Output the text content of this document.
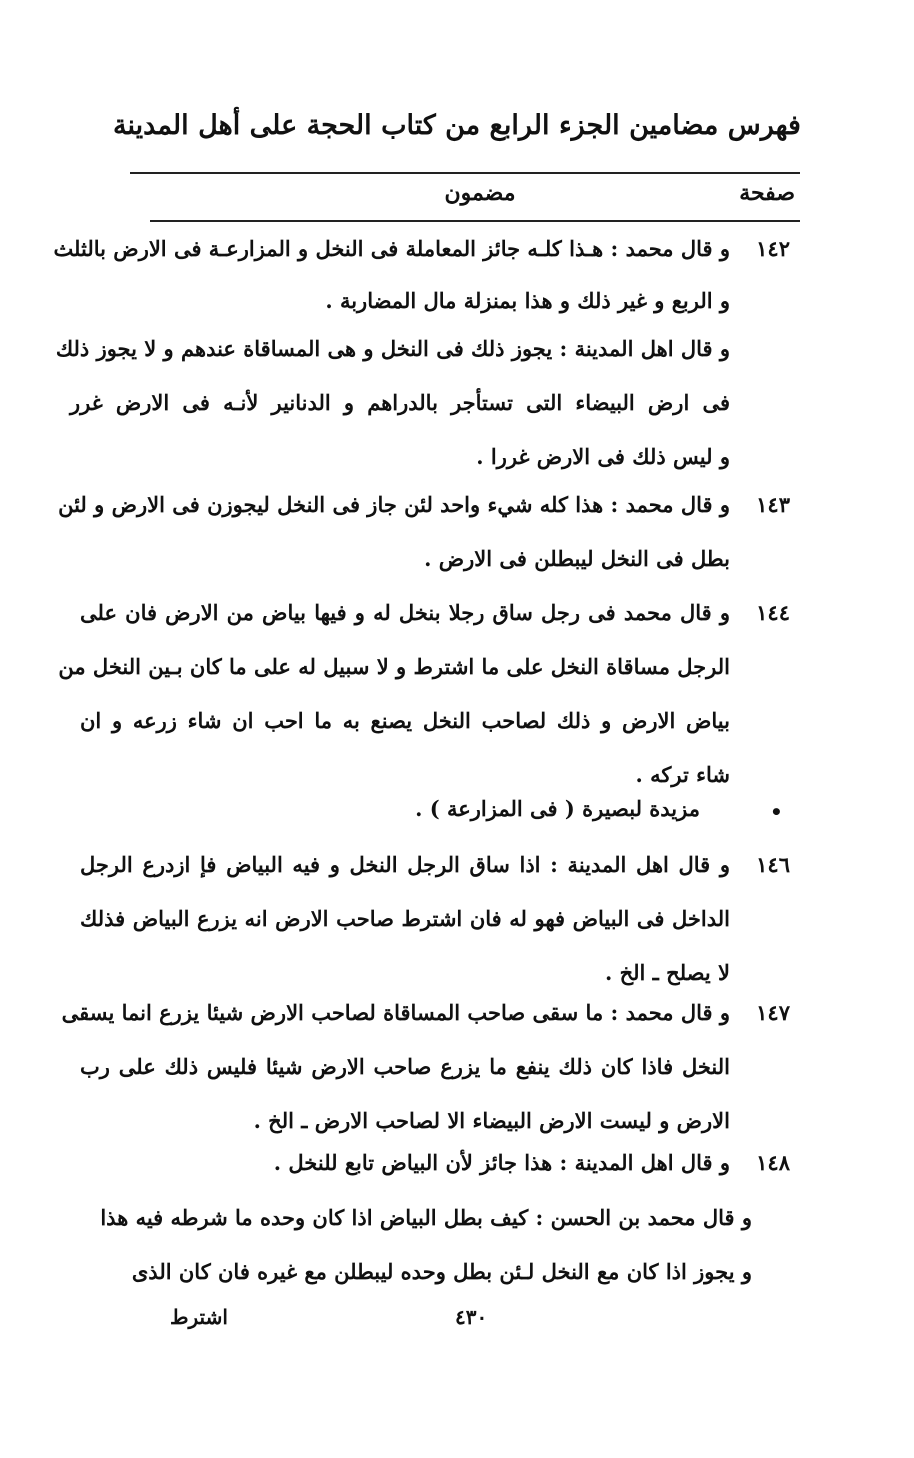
فهرس مضامين الجزء الرابع من كتاب الحجة على أهل المدينة
صفحة
مضمون
١٤٢
و قال محمد : هـذا كلـه جائز المعاملة فى النخل و المزارعـة فى الارض بالثلث
و الربع و غير ذلك و هذا بمنزلة مال المضاربة .
و قال اهل المدينة : يجوز ذلك فى النخل و هى المساقاة عندهم و لا يجوز ذلك
فى ارض البيضاء التى تستأجر بالدراهم و الدنانير لأنـه فى الارض غرر
و ليس ذلك فى الارض غررا .
١٤٣
و قال محمد : هذا كله شيء واحد لئن جاز فى النخل ليجوزن فى الارض و لئن
بطل فى النخل ليبطلن فى الارض .
١٤٤
و قال محمد فى رجل ساق رجلا بنخل له و فيها بياض من الارض فان على
الرجل مساقاة النخل على ما اشترط و لا سبيل له على ما كان بـين النخل من
بياض الارض و ذلك لصاحب النخل يصنع به ما احب ان شاء زرعه و ان
شاء تركه .
مزيدة لبصيرة ( فى المزارعة ) .
١٤٦
و قال اهل المدينة : اذا ساق الرجل النخل و فيه البياض فإ ازدرع الرجل
الداخل فى البياض فهو له فان اشترط صاحب الارض انه يزرع البياض فذلك
لا يصلح ـ الخ .
١٤٧
و قال محمد : ما سقى صاحب المساقاة لصاحب الارض شيئا يزرع انما يسقى
النخل فاذا كان ذلك ينفع ما يزرع صاحب الارض شيئا فليس ذلك على رب
الارض و ليست الارض البيضاء الا لصاحب الارض ـ الخ .
١٤٨
و قال اهل المدينة : هذا جائز لأن البياض تابع للنخل .
و قال محمد بن الحسن : كيف بطل البياض اذا كان وحده ما شرطه فيه هذا
و يجوز اذا كان مع النخل لـئن بطل وحده ليبطلن مع غيره فان كان الذى
•
٤٣٠
اشترط
